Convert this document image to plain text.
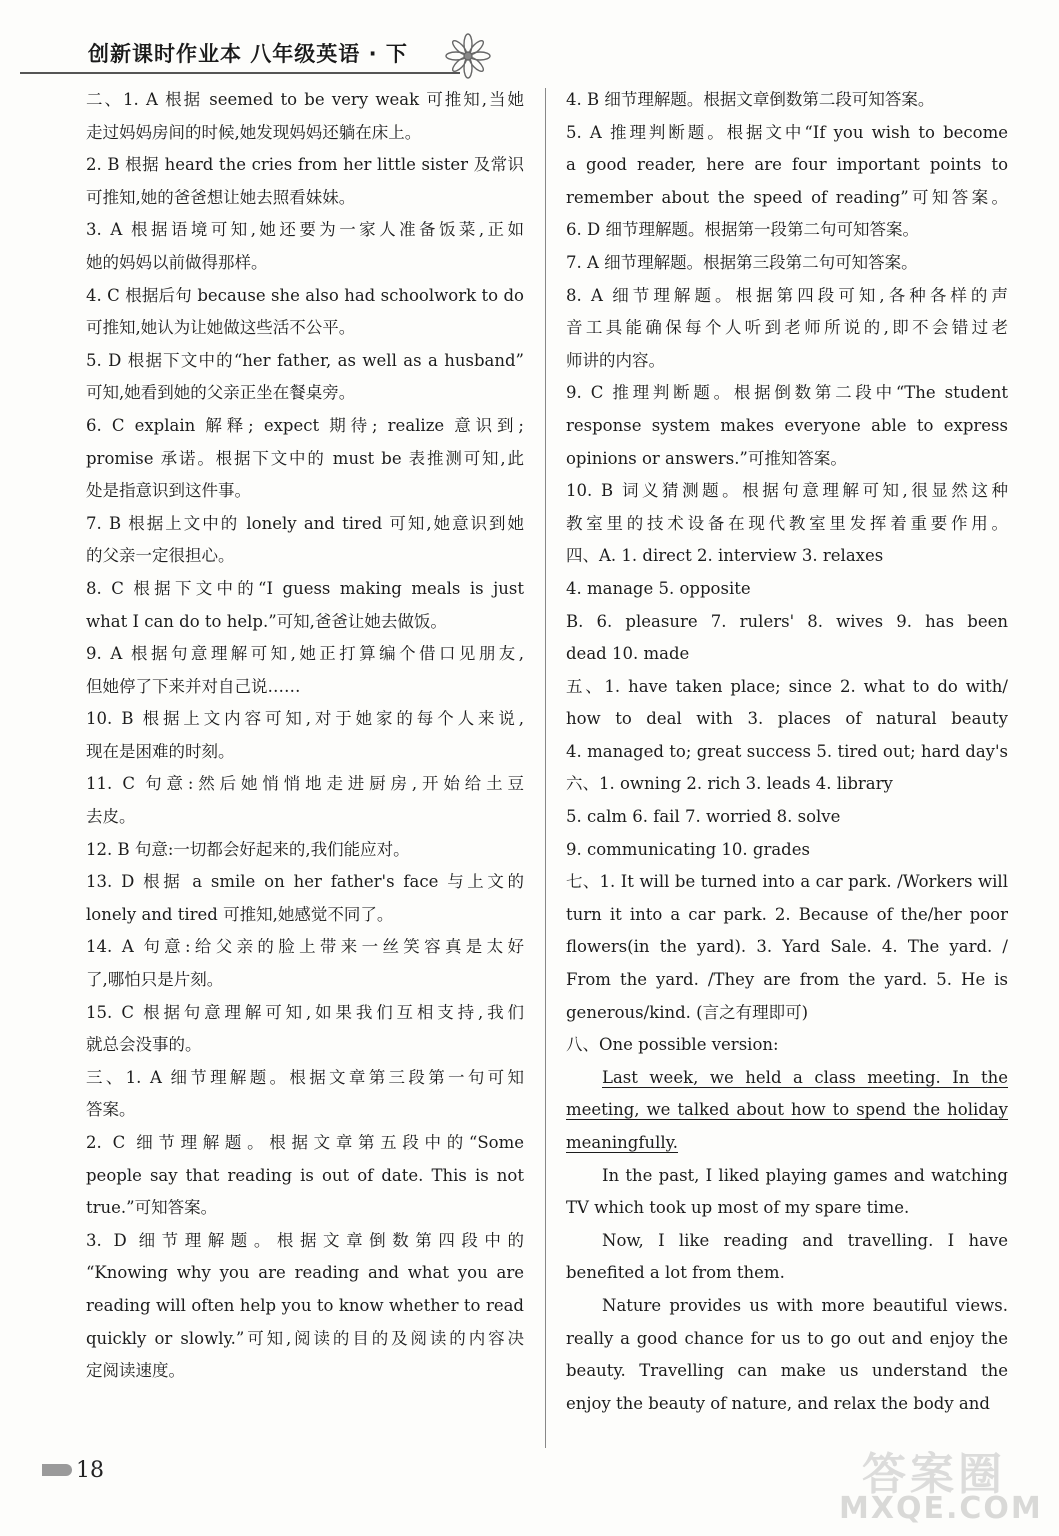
创新课时作业本 八年级英语 · 下
二、1. A 根据 seemed to be very weak 可推知,当她
走过妈妈房间的时候,她发现妈妈还躺在床上。
2. B 根据 heard the cries from her little sister 及常识
可推知,她的爸爸想让她去照看妹妹。
3. A 根据语境可知,她还要为一家人准备饭菜,正如
她的妈妈以前做得那样。
4. C 根据后句 because she also had schoolwork to do
可推知,她认为让她做这些活不公平。
5. D 根据下文中的“her father, as well as a husband”
可知,她看到她的父亲正坐在餐桌旁。
6. C explain 解释; expect 期待; realize 意识到;
promise 承诺。根据下文中的 must be 表推测可知,此
处是指意识到这件事。
7. B 根据上文中的 lonely and tired 可知,她意识到她
的父亲一定很担心。
8. C 根据下文中的“I guess making meals is just
what I can do to help.”可知,爸爸让她去做饭。
9. A 根据句意理解可知,她正打算编个借口见朋友,
但她停了下来并对自己说……
10. B 根据上文内容可知,对于她家的每个人来说,
现在是困难的时刻。
11. C 句意:然后她悄悄地走进厨房,开始给土豆
去皮。
12. B 句意:一切都会好起来的,我们能应对。
13. D 根据 a smile on her father's face 与上文的
lonely and tired 可推知,她感觉不同了。
14. A 句意:给父亲的脸上带来一丝笑容真是太好
了,哪怕只是片刻。
15. C 根据句意理解可知,如果我们互相支持,我们
就总会没事的。
三、1. A 细节理解题。根据文章第三段第一句可知
答案。
2. C 细节理解题。根据文章第五段中的“Some
people say that reading is out of date. This is not
true.”可知答案。
3. D 细节理解题。根据文章倒数第四段中的
“Knowing why you are reading and what you are
reading will often help you to know whether to read
quickly or slowly.”可知,阅读的目的及阅读的内容决
定阅读速度。
4. B 细节理解题。根据文章倒数第二段可知答案。
5. A 推理判断题。根据文中“If you wish to become
a good reader, here are four important points to
remember about the speed of reading”可知答案。
6. D 细节理解题。根据第一段第二句可知答案。
7. A 细节理解题。根据第三段第二句可知答案。
8. A 细节理解题。根据第四段可知,各种各样的声
音工具能确保每个人听到老师所说的,即不会错过老
师讲的内容。
9. C 推理判断题。根据倒数第二段中“The student
response system makes everyone able to express
opinions or answers.”可推知答案。
10. B 词义猜测题。根据句意理解可知,很显然这种
教室里的技术设备在现代教室里发挥着重要作用。
四、A. 1. direct 2. interview 3. relaxes
4. manage 5. opposite
B. 6. pleasure 7. rulers' 8. wives 9. has been
dead 10. made
五、1. have taken place; since 2. what to do with/
how to deal with 3. places of natural beauty
4. managed to; great success 5. tired out; hard day's
六、1. owning 2. rich 3. leads 4. library
5. calm 6. fail 7. worried 8. solve
9. communicating 10. grades
七、1. It will be turned into a car park. /Workers will
turn it into a car park. 2. Because of the/her poor
flowers(in the yard). 3. Yard Sale. 4. The yard. /
From the yard. /They are from the yard. 5. He is
generous/kind. (言之有理即可)
八、One possible version:
Last week, we held a class meeting. In the
meeting, we talked about how to spend the holiday
meaningfully.
In the past, I liked playing games and watching
TV which took up most of my spare time.
Now, I like reading and travelling. I have
benefited a lot from them.
Nature provides us with more beautiful views.
really a good chance for us to go out and enjoy the
beauty. Travelling can make us understand the
enjoy the beauty of nature, and relax the body and
18	答案圈
MXQE.COM
